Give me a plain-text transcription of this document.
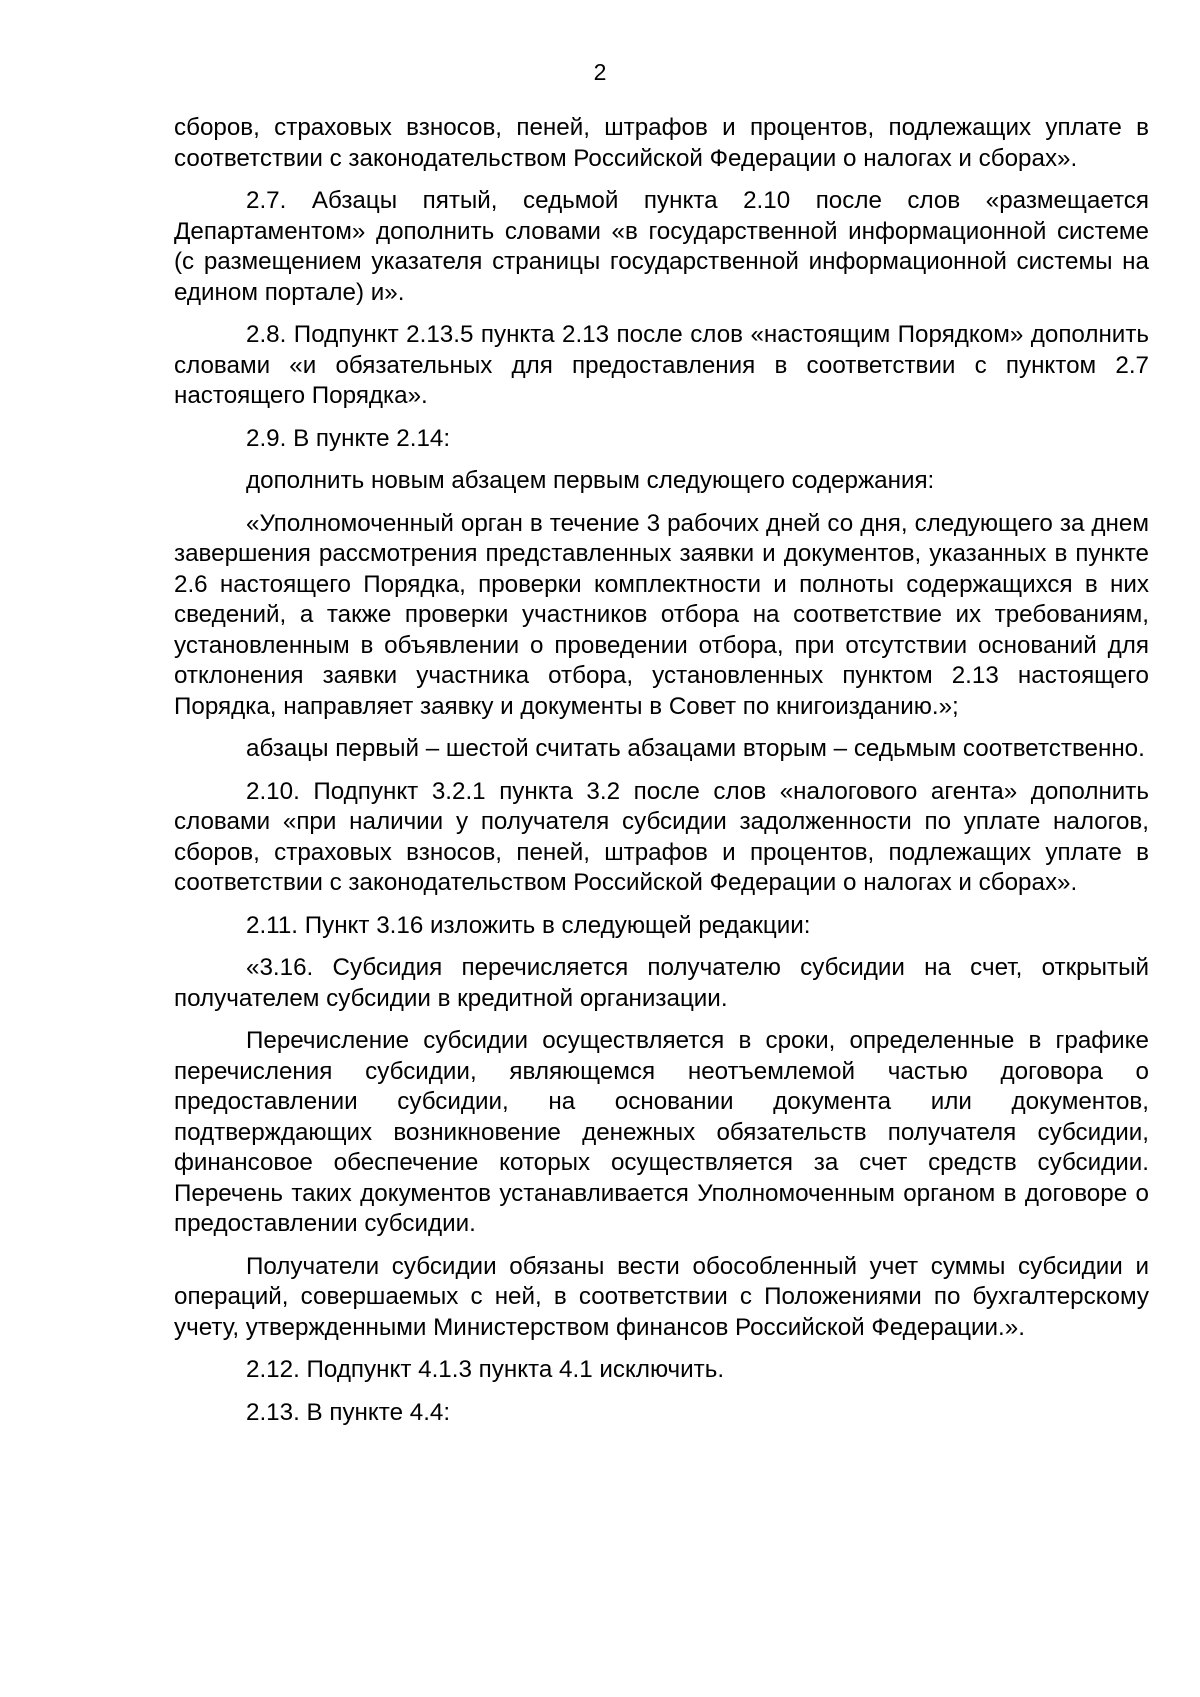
2

сборов, страховых взносов, пеней, штрафов и процентов, подлежащих уплате в соответствии с законодательством Российской Федерации о налогах и сборах».

2.7. Абзацы пятый, седьмой пункта 2.10 после слов «размещается Департаментом» дополнить словами «в государственной информационной системе (с размещением указателя страницы государственной информационной системы на едином портале) и».

2.8. Подпункт 2.13.5 пункта 2.13 после слов «настоящим Порядком» дополнить словами «и обязательных для предоставления в соответствии с пунктом 2.7 настоящего Порядка».

2.9. В пункте 2.14:

дополнить новым абзацем первым следующего содержания:

«Уполномоченный орган в течение 3 рабочих дней со дня, следующего за днем завершения рассмотрения представленных заявки и документов, указанных в пункте 2.6 настоящего Порядка, проверки комплектности и полноты содержащихся в них сведений, а также проверки участников отбора на соответствие их требованиям, установленным в объявлении о проведении отбора, при отсутствии оснований для отклонения заявки участника отбора, установленных пунктом 2.13 настоящего Порядка, направляет заявку и документы в Совет по книгоизданию.»;

абзацы первый – шестой считать абзацами вторым – седьмым соответственно.

2.10. Подпункт 3.2.1 пункта 3.2 после слов «налогового агента» дополнить словами «при наличии у получателя субсидии задолженности по уплате налогов, сборов, страховых взносов, пеней, штрафов и процентов, подлежащих уплате в соответствии с законодательством Российской Федерации о налогах и сборах».

2.11. Пункт 3.16 изложить в следующей редакции:

«3.16. Субсидия перечисляется получателю субсидии на счет, открытый получателем субсидии в кредитной организации.

Перечисление субсидии осуществляется в сроки, определенные в графике перечисления субсидии, являющемся неотъемлемой частью договора о предоставлении субсидии, на основании документа или документов, подтверждающих возникновение денежных обязательств получателя субсидии, финансовое обеспечение которых осуществляется за счет средств субсидии. Перечень таких документов устанавливается Уполномоченным органом в договоре о предоставлении субсидии.

Получатели субсидии обязаны вести обособленный учет суммы субсидии и операций, совершаемых с ней, в соответствии с Положениями по бухгалтерскому учету, утвержденными Министерством финансов Российской Федерации.».

2.12. Подпункт 4.1.3 пункта 4.1 исключить.

2.13. В пункте 4.4:
